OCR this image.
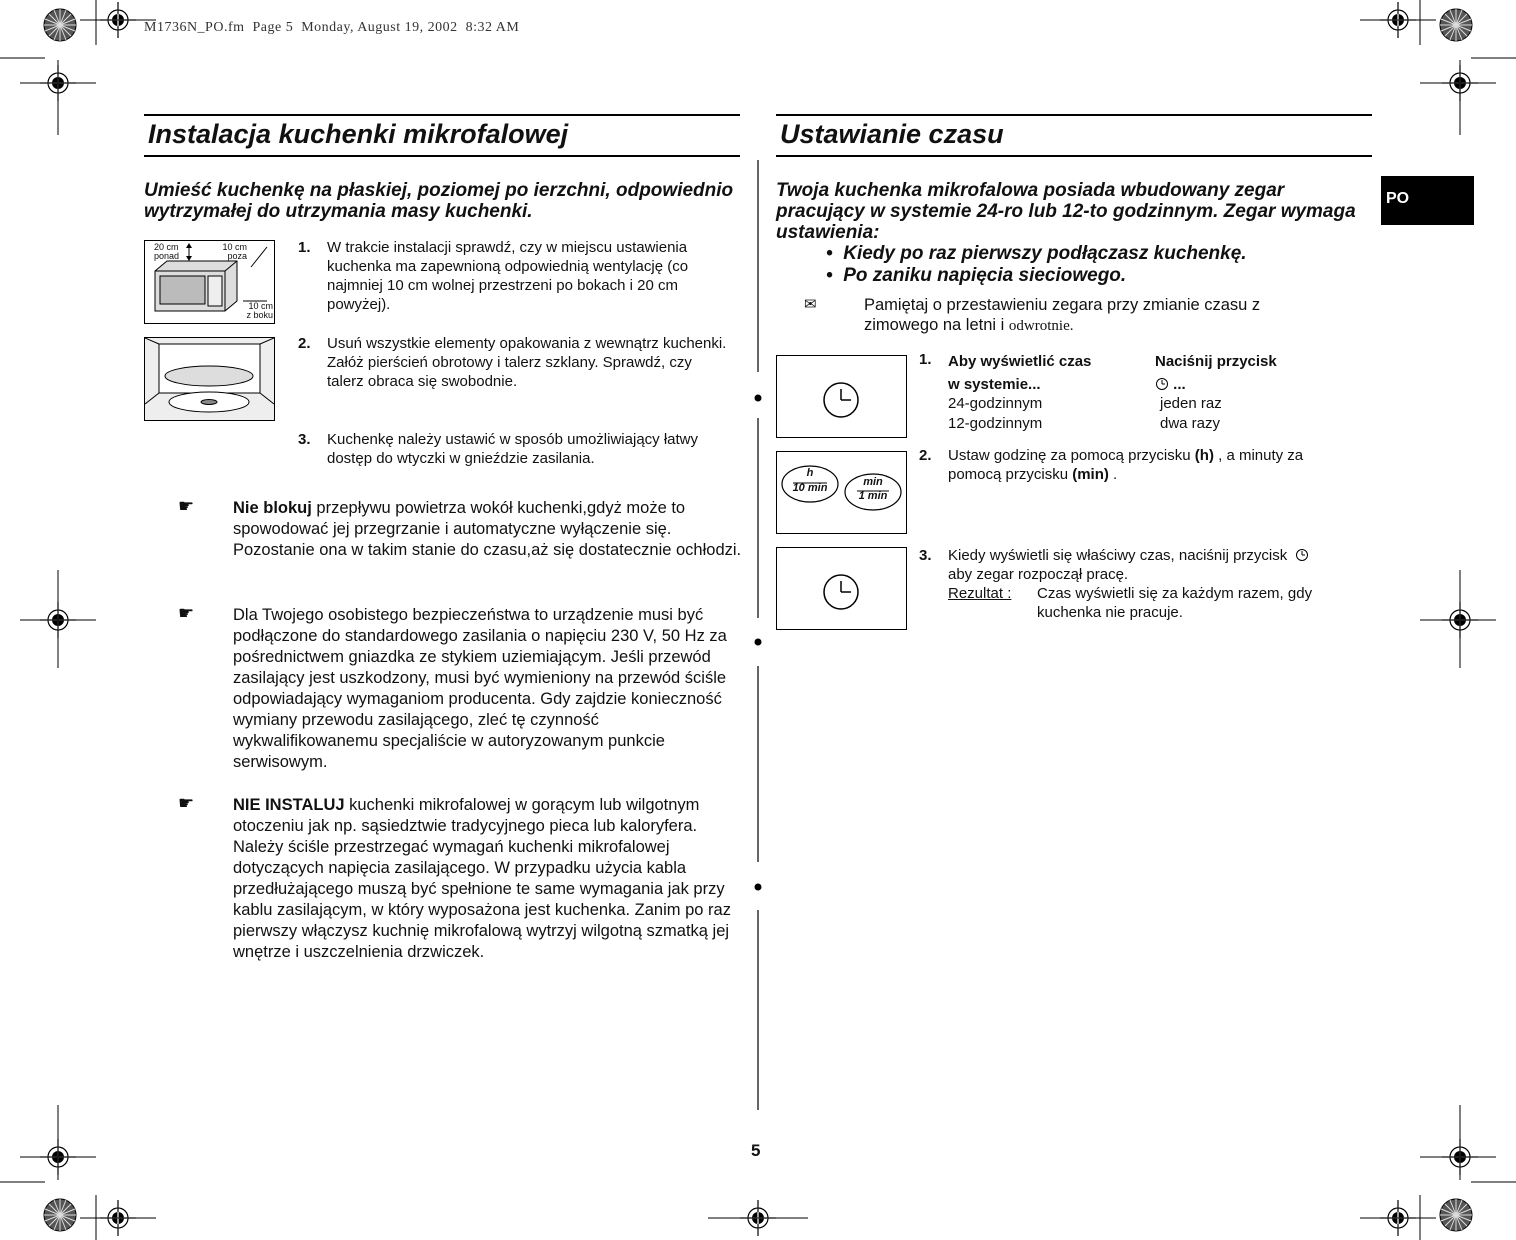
M1736N_PO.fm  Page 5  Monday, August 19, 2002  8:32 AM
PO
Instalacja kuchenki mikrofalowej
Umieść kuchenkę na płaskiej, poziomej po ierzchni, odpowiednio wytrzymałej do utrzymania masy kuchenki.
20 cm
ponad
10 cm
poza
10 cm
z boku
1. W trakcie instalacji sprawdź, czy w miejscu ustawienia kuchenka ma zapewnioną odpowiednią wentylację (co najmniej 10 cm wolnej przestrzeni po bokach i 20 cm powyżej).
2. Usuń wszystkie elementy opakowania z wewnątrz kuchenki. Załóż pierścień obrotowy i talerz szklany. Sprawdź, czy talerz obraca się swobodnie.
3. Kuchenkę należy ustawić w sposób umożliwiający łatwy dostęp do wtyczki w gnieździe zasilania.
☛ Nie blokuj przepływu powietrza wokół kuchenki,gdyż może to spowodować jej przegrzanie i automatyczne wyłączenie się. Pozostanie ona w takim stanie do czasu,aż się dostatecznie ochłodzi.
☛ Dla Twojego osobistego bezpieczeństwa to urządzenie musi być podłączone do standardowego zasilania o napięciu 230 V, 50 Hz za pośrednictwem gniazdka ze stykiem uziemiającym. Jeśli przewód zasilający jest uszkodzony, musi być wymieniony na przewód ściśle odpowiadający wymaganiom producenta. Gdy zajdzie konieczność wymiany przewodu zasilającego, zleć tę czynność wykwalifikowanemu specjaliście w autoryzowanym punkcie serwisowym.
☛ NIE INSTALUJ kuchenki mikrofalowej w gorącym lub wilgotnym otoczeniu jak np. sąsiedztwie tradycyjnego pieca lub kaloryfera. Należy ściśle przestrzegać wymagań kuchenki mikrofalowej dotyczących napięcia zasilającego. W przypadku użycia kabla przedłużającego muszą być spełnione te same wymagania jak przy kablu zasilającym, w który wyposażona jest kuchenka. Zanim po raz pierwszy włączysz kuchnię mikrofalową wytrzyj wilgotną szmatką jej wnętrze i uszczelnienia drzwiczek.
Ustawianie czasu
Twoja kuchenka mikrofalowa posiada wbudowany zegar pracujący w systemie 24-ro lub 12-to godzinnym. Zegar wymaga ustawienia:
• Kiedy po raz pierwszy podłączasz kuchenkę.
• Po zaniku napięcia sieciowego.
✉	Pamiętaj o przestawieniu zegara przy zmianie czasu z zimowego na letni i odwrotnie.
1. Aby wyświetlić czas
w systemie...
Naciśnij przycisk
...
24-godzinnym	jeden raz
12-godzinnym	dwa razy
h
10 min	min
1 min
2. Ustaw godzinę za pomocą przycisku (h) , a minuty za pomocą przycisku (min) .
3. Kiedy wyświetli się właściwy czas, naciśnij przycisk
aby zegar rozpoczął pracę.
Rezultat : Czas wyświetli się za każdym razem, gdy kuchenka nie pracuje.
5
